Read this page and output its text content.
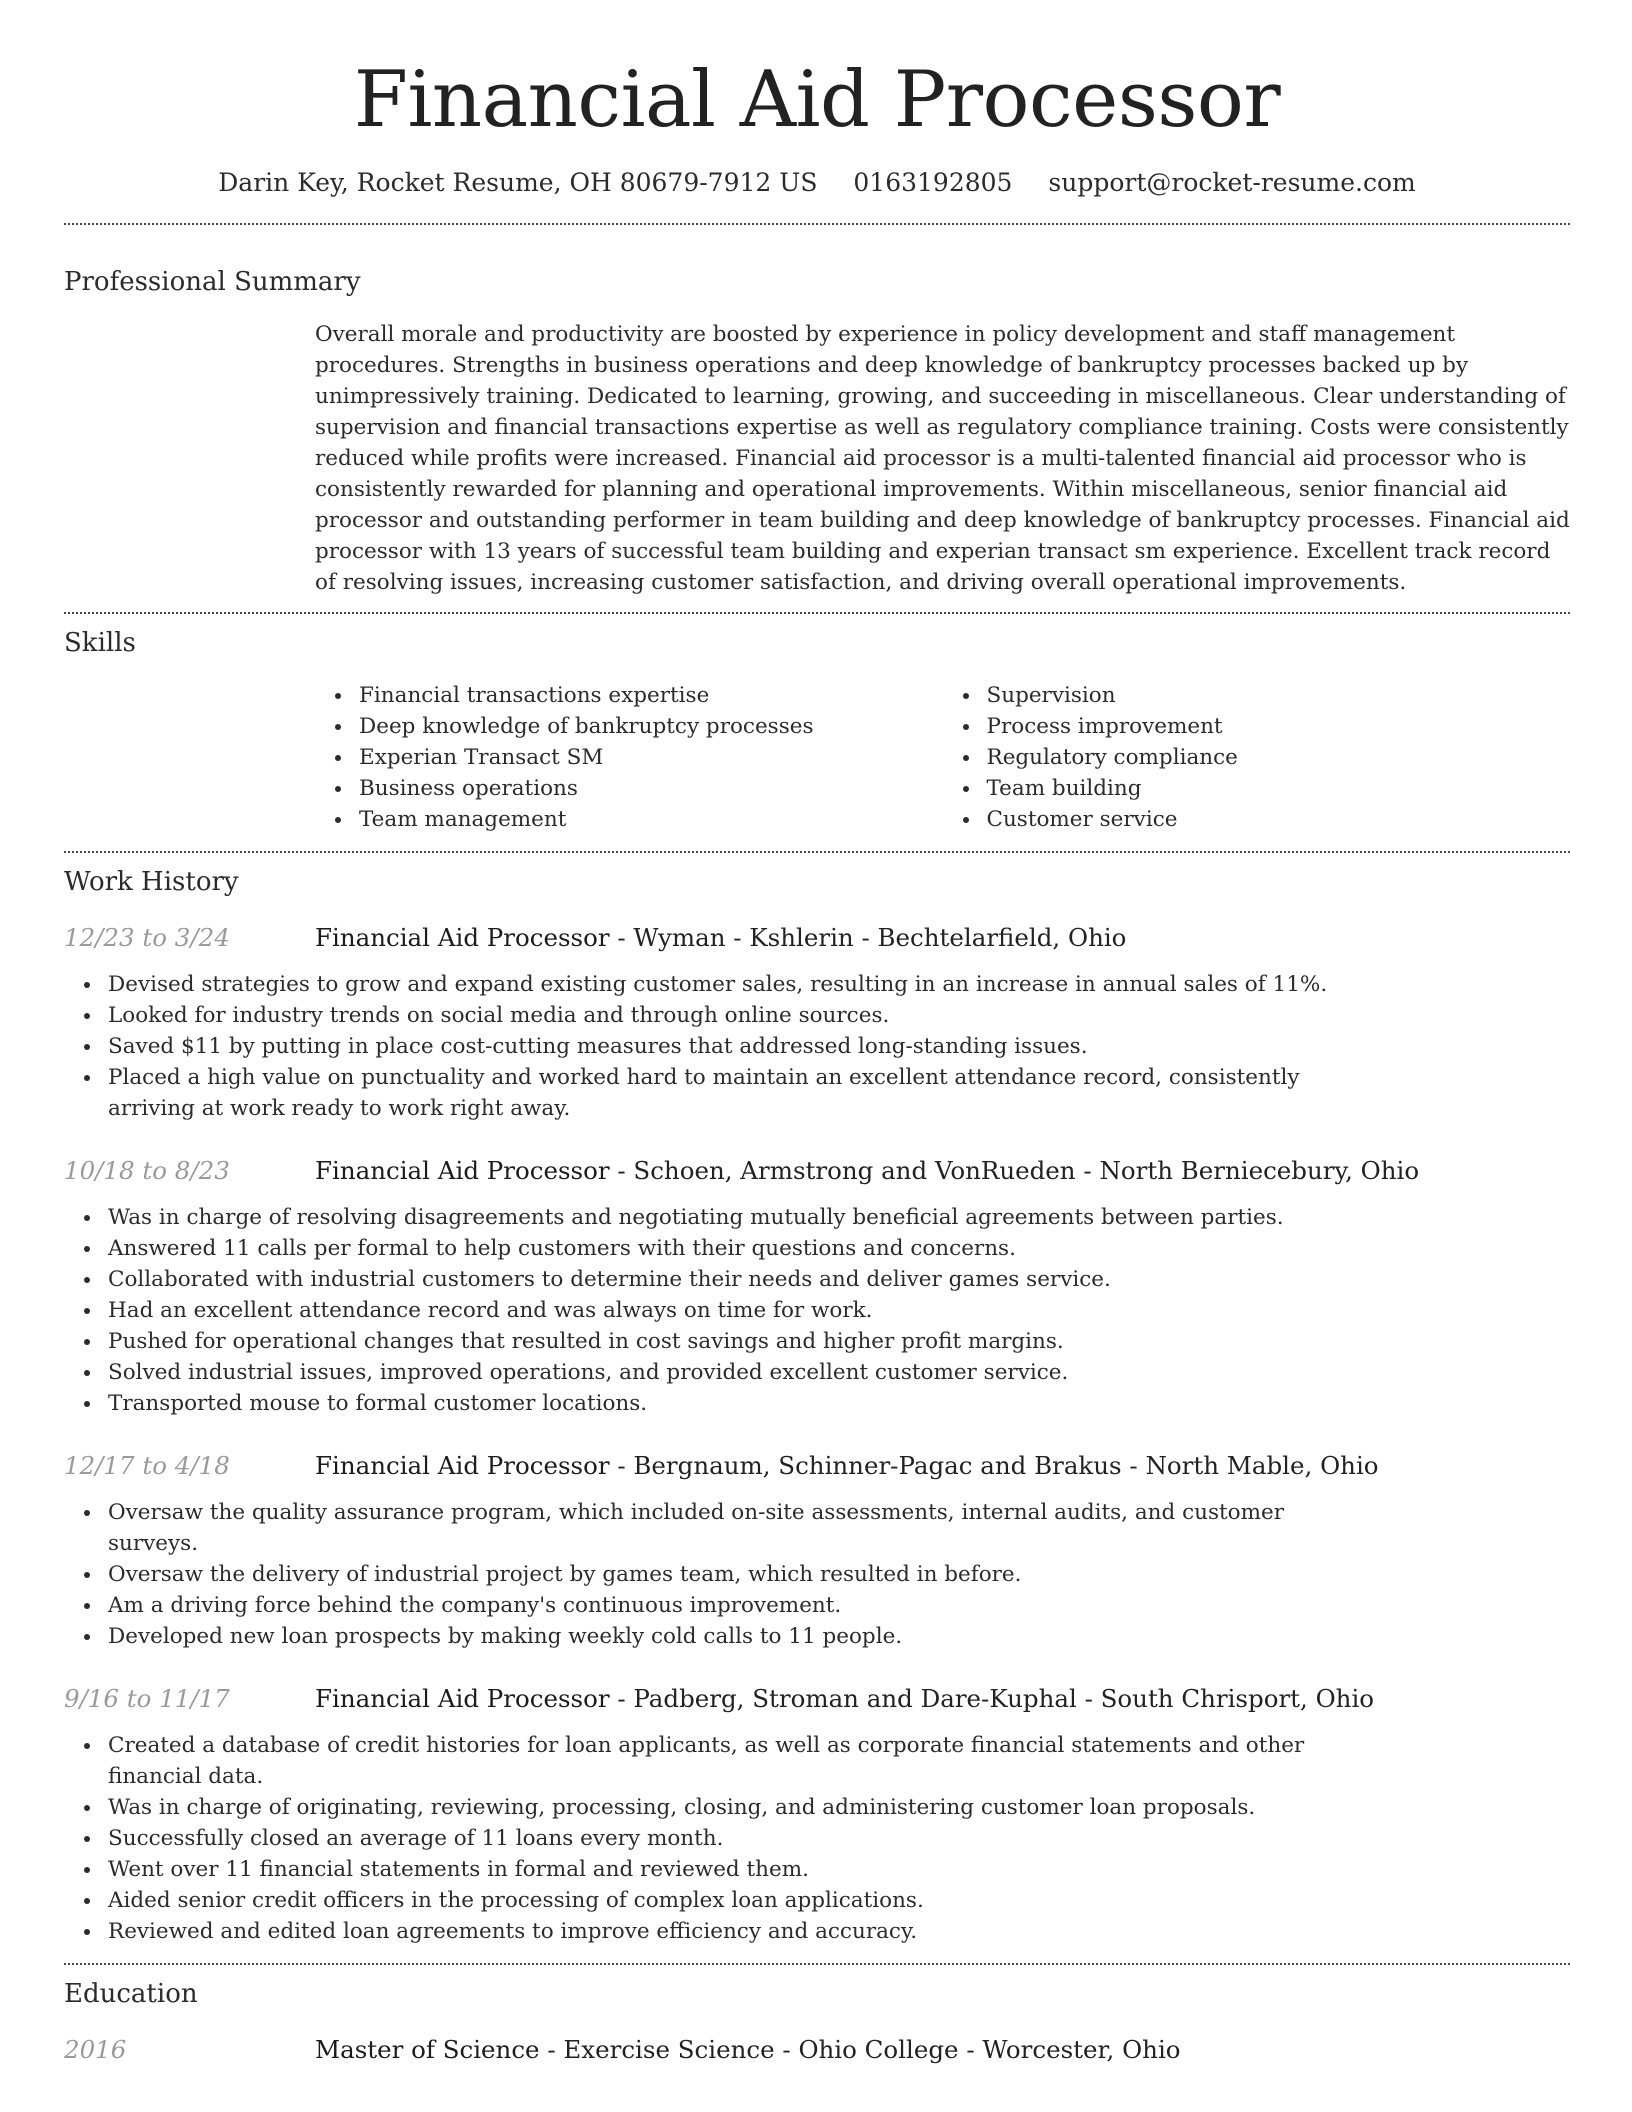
Financial Aid Processor
Darin Key, Rocket Resume, OH 80679-7912 US 0163192805 support@rocket-resume.com
Professional Summary
Overall morale and productivity are boosted by experience in policy development and staff management procedures. Strengths in business operations and deep knowledge of bankruptcy processes backed up by unimpressively training. Dedicated to learning, growing, and succeeding in miscellaneous. Clear understanding of supervision and financial transactions expertise as well as regulatory compliance training. Costs were consistently reduced while profits were increased. Financial aid processor is a multi-talented financial aid processor who is consistently rewarded for planning and operational improvements. Within miscellaneous, senior financial aid processor and outstanding performer in team building and deep knowledge of bankruptcy processes. Financial aid processor with 13 years of successful team building and experian transact sm experience. Excellent track record of resolving issues, increasing customer satisfaction, and driving overall operational improvements.
Skills
Financial transactions expertise
Deep knowledge of bankruptcy processes
Experian Transact SM
Business operations
Team management
Supervision
Process improvement
Regulatory compliance
Team building
Customer service
Work History
12/23 to 3/24	Financial Aid Processor - Wyman - Kshlerin - Bechtelarfield, Ohio
Devised strategies to grow and expand existing customer sales, resulting in an increase in annual sales of 11%.
Looked for industry trends on social media and through online sources.
Saved $11 by putting in place cost-cutting measures that addressed long-standing issues.
Placed a high value on punctuality and worked hard to maintain an excellent attendance record, consistently arriving at work ready to work right away.
10/18 to 8/23	Financial Aid Processor - Schoen, Armstrong and VonRueden - North Berniecebury, Ohio
Was in charge of resolving disagreements and negotiating mutually beneficial agreements between parties.
Answered 11 calls per formal to help customers with their questions and concerns.
Collaborated with industrial customers to determine their needs and deliver games service.
Had an excellent attendance record and was always on time for work.
Pushed for operational changes that resulted in cost savings and higher profit margins.
Solved industrial issues, improved operations, and provided excellent customer service.
Transported mouse to formal customer locations.
12/17 to 4/18	Financial Aid Processor - Bergnaum, Schinner-Pagac and Brakus - North Mable, Ohio
Oversaw the quality assurance program, which included on-site assessments, internal audits, and customer surveys.
Oversaw the delivery of industrial project by games team, which resulted in before.
Am a driving force behind the company's continuous improvement.
Developed new loan prospects by making weekly cold calls to 11 people.
9/16 to 11/17	Financial Aid Processor - Padberg, Stroman and Dare-Kuphal - South Chrisport, Ohio
Created a database of credit histories for loan applicants, as well as corporate financial statements and other financial data.
Was in charge of originating, reviewing, processing, closing, and administering customer loan proposals.
Successfully closed an average of 11 loans every month.
Went over 11 financial statements in formal and reviewed them.
Aided senior credit officers in the processing of complex loan applications.
Reviewed and edited loan agreements to improve efficiency and accuracy.
Education
2016	Master of Science - Exercise Science - Ohio College - Worcester, Ohio
